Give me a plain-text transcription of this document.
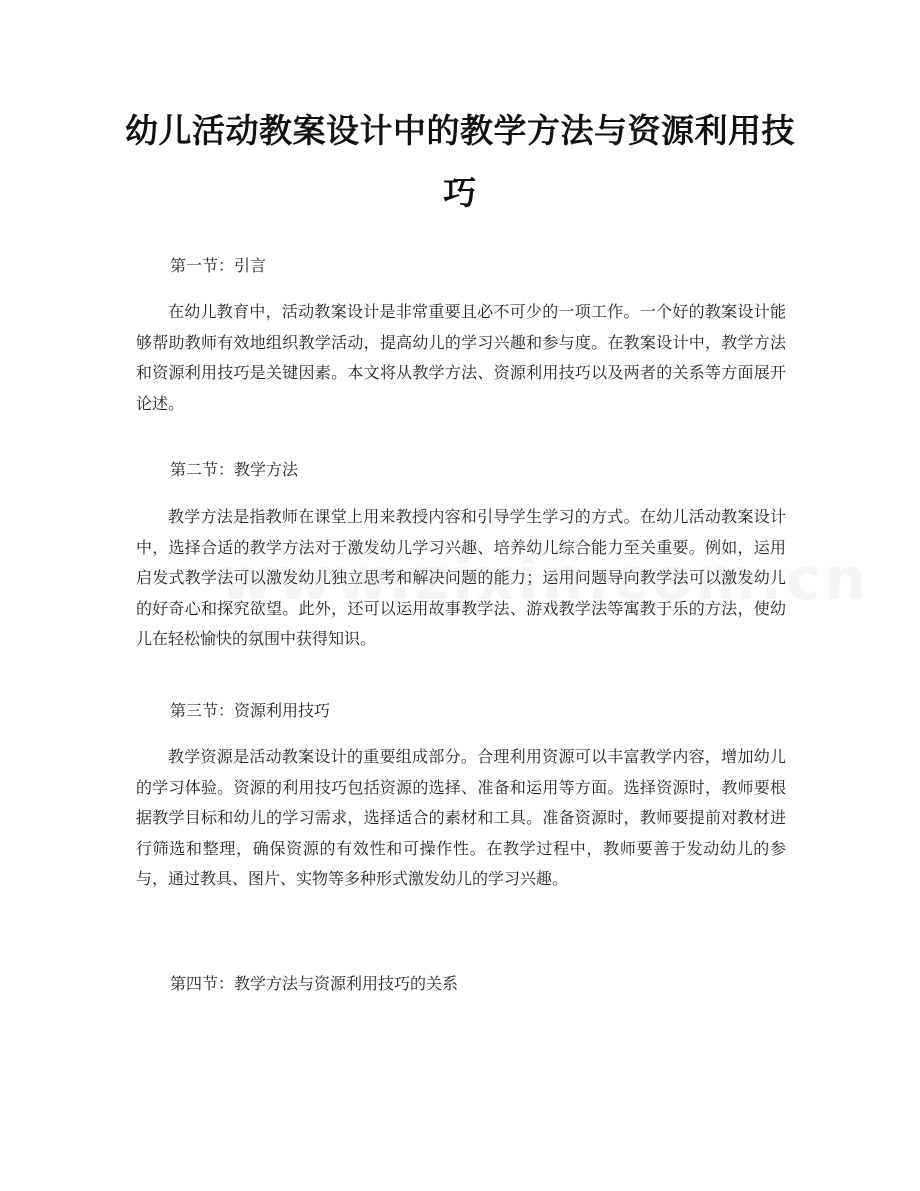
幼儿活动教案设计中的教学方法与资源利用技巧
第一节：引言

在幼儿教育中，活动教案设计是非常重要且必不可少的一项工作。一个好的教案设计能够帮助教师有效地组织教学活动，提高幼儿的学习兴趣和参与度。在教案设计中，教学方法和资源利用技巧是关键因素。本文将从教学方法、资源利用技巧以及两者的关系等方面展开论述。

第二节：教学方法

教学方法是指教师在课堂上用来教授内容和引导学生学习的方式。在幼儿活动教案设计中，选择合适的教学方法对于激发幼儿学习兴趣、培养幼儿综合能力至关重要。例如，运用启发式教学法可以激发幼儿独立思考和解决问题的能力；运用问题导向教学法可以激发幼儿的好奇心和探究欲望。此外，还可以运用故事教学法、游戏教学法等寓教于乐的方法，使幼儿在轻松愉快的氛围中获得知识。

第三节：资源利用技巧

教学资源是活动教案设计的重要组成部分。合理利用资源可以丰富教学内容，增加幼儿的学习体验。资源的利用技巧包括资源的选择、准备和运用等方面。选择资源时，教师要根据教学目标和幼儿的学习需求，选择适合的素材和工具。准备资源时，教师要提前对教材进行筛选和整理，确保资源的有效性和可操作性。在教学过程中，教师要善于发动幼儿的参与，通过教具、图片、实物等多种形式激发幼儿的学习兴趣。

第四节：教学方法与资源利用技巧的关系
